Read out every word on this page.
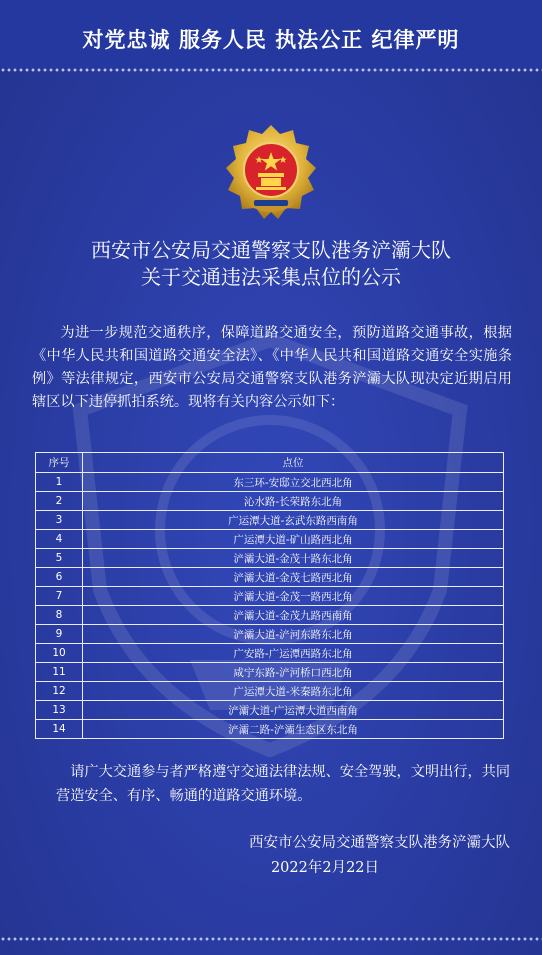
对党忠诚 服务人民 执法公正 纪律严明
西安市公安局交通警察支队港务浐灞大队
关于交通违法采集点位的公示
为进一步规范交通秩序，保障道路交通安全，预防道路交通事故，根据《中华人民共和国道路交通安全法》、《中华人民共和国道路交通安全实施条例》等法律规定，西安市公安局交通警察支队港务浐灞大队现决定近期启用辖区以下违停抓拍系统。现将有关内容公示如下：
序号	点位
1	东三环-安邸立交北西北角
2	沁水路-长荣路东北角
3	广运潭大道-玄武东路西南角
4	广运潭大道-矿山路西北角
5	浐灞大道-金茂十路东北角
6	浐灞大道-金茂七路西北角
7	浐灞大道-金茂一路西北角
8	浐灞大道-金茂九路西南角
9	浐灞大道-浐河东路东北角
10	广安路-广运潭西路东北角
11	咸宁东路-浐河桥口西北角
12	广运潭大道-米秦路东北角
13	浐灞大道-广运潭大道西南角
14	浐灞二路-浐灞生态区东北角
请广大交通参与者严格遵守交通法律法规、安全驾驶，文明出行，共同营造安全、有序、畅通的道路交通环境。
西安市公安局交通警察支队港务浐灞大队
2022年2月22日
